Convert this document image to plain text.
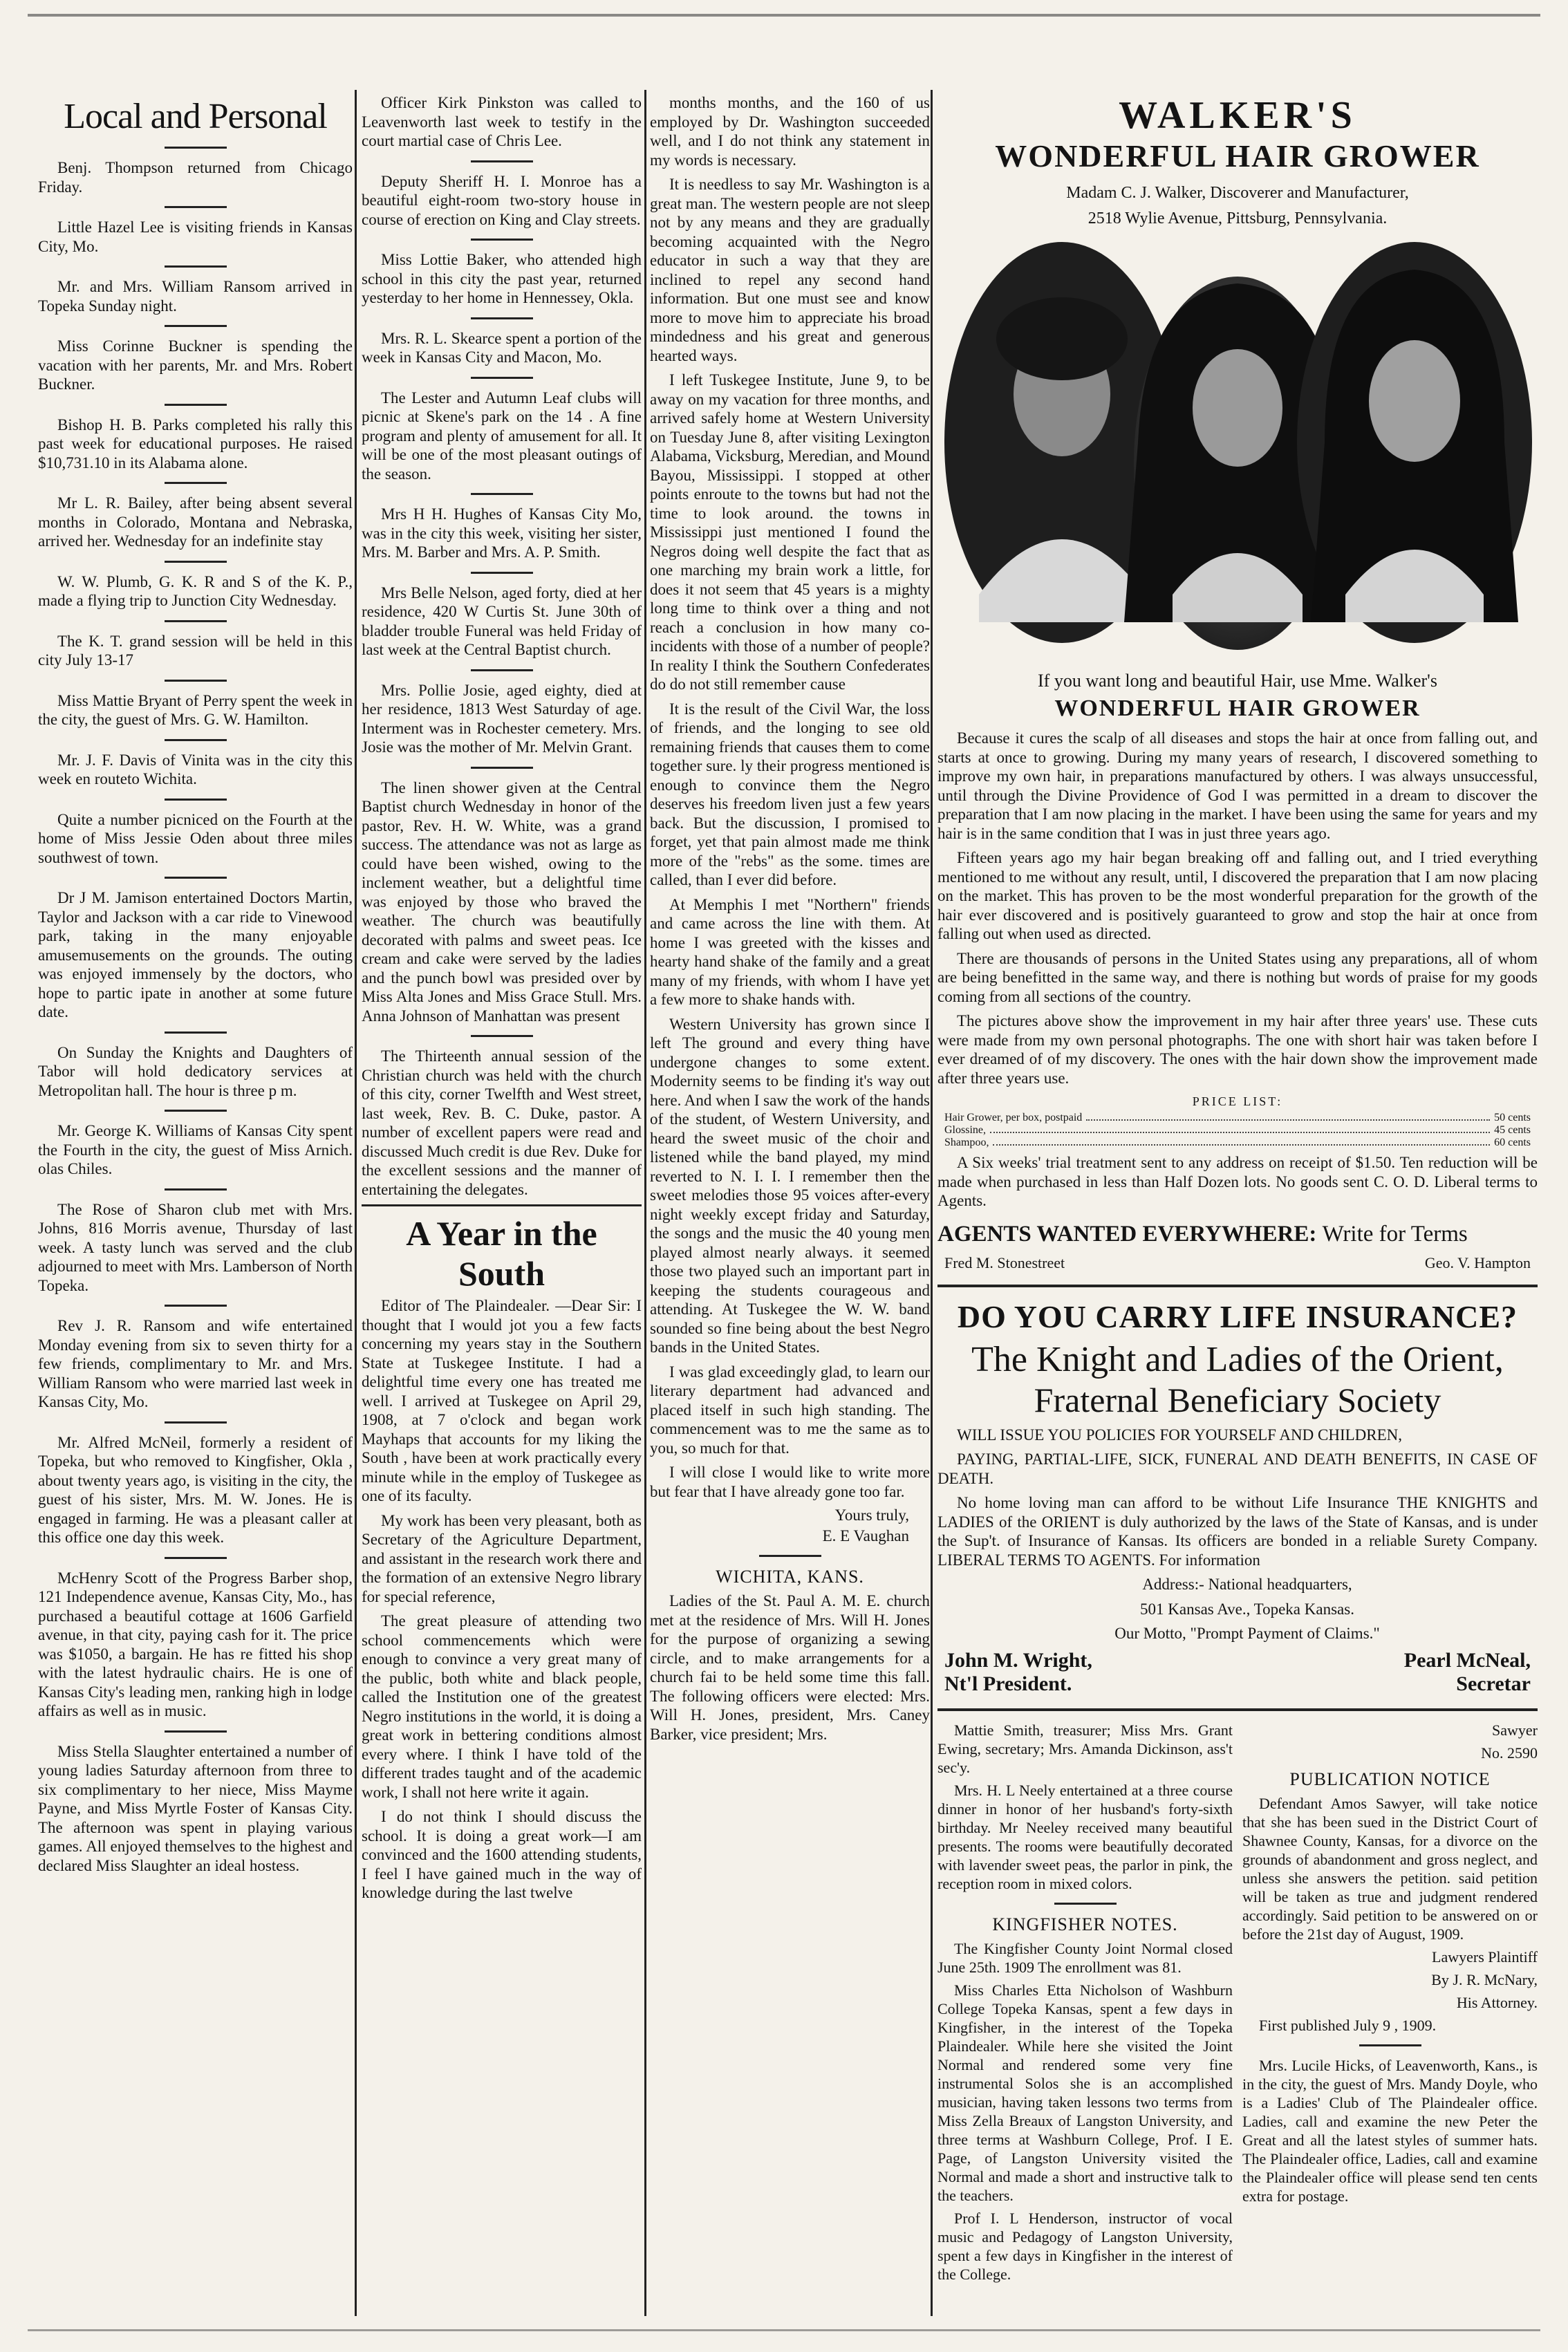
Local and Personal

Benj. Thompson returned from Chicago Friday.

Little Hazel Lee is visiting friends in Kansas City, Mo.

Mr. and Mrs. William Ransom arrived in Topeka Sunday night.

Miss Corinne Buckner is spending the vacation with her parents, Mr. and Mrs. Robert Buckner.

Bishop H. B. Parks completed his rally this past week for educational purposes. He raised $10,731.10 in its Alabama alone.

Mr L. R. Bailey, after being absent several months in Colorado, Montana and Nebraska, arrived her. Wednesday for an indefinite stay

W. W. Plumb, G. K. R and S of the K. P., made a flying trip to Junction City Wednesday.

The K. T. grand session will be held in this city July 13-17

Miss Mattie Bryant of Perry spent the week in the city, the guest of Mrs. G. W. Hamilton.

Mr. J. F. Davis of Vinita was in the city this week en routeto Wichita.

Quite a number picniced on the Fourth at the home of Miss Jessie Oden about three miles southwest of town.

Dr J M. Jamison entertained Doctors Martin, Taylor and Jackson with a car ride to Vinewood park, taking in the many enjoyable amusemusements on the grounds. The outing was enjoyed immensely by the doctors, who hope to partic ipate in another at some future date.

On Sunday the Knights and Daughters of Tabor will hold dedicatory services at Metropolitan hall. The hour is three p m.

Mr. George K. Williams of Kansas City spent the Fourth in the city, the guest of Miss Arnich. olas Chiles.

The Rose of Sharon club met with Mrs. Johns, 816 Morris avenue, Thursday of last week. A tasty lunch was served and the club adjourned to meet with Mrs. Lamberson of North Topeka.

Rev J. R. Ransom and wife entertained Monday evening from six to seven thirty for a few friends, complimentary to Mr. and Mrs. William Ransom who were married last week in Kansas City, Mo.

Mr. Alfred McNeil, formerly a resident of Topeka, but who removed to Kingfisher, Okla , about twenty years ago, is visiting in the city, the guest of his sister, Mrs. M. W. Jones. He is engaged in farming. He was a pleasant caller at this office one day this week.

McHenry Scott of the Progress Barber shop, 121 Independence avenue, Kansas City, Mo., has purchased a beautiful cottage at 1606 Garfield avenue, in that city, paying cash for it. The price was $1050, a bargain. He has re fitted his shop with the latest hydraulic chairs. He is one of Kansas City's leading men, ranking high in lodge affairs as well as in music.

Miss Stella Slaughter entertained a number of young ladies Saturday afternoon from three to six complimentary to her niece, Miss Mayme Payne, and Miss Myrtle Foster of Kansas City. The afternoon was spent in playing various games. All enjoyed themselves to the highest and declared Miss Slaughter an ideal hostess.

Officer Kirk Pinkston was called to Leavenworth last week to testify in the court martial case of Chris Lee.

Deputy Sheriff H. I. Monroe has a beautiful eight-room two-story house in course of erection on King and Clay streets.

Miss Lottie Baker, who attended high school in this city the past year, returned yesterday to her home in Hennessey, Okla.

Mrs. R. L. Skearce spent a portion of the week in Kansas City and Macon, Mo.

The Lester and Autumn Leaf clubs will picnic at Skene's park on the 14 . A fine program and plenty of amusement for all. It will be one of the most pleasant outings of the season.

Mrs H H. Hughes of Kansas City Mo, was in the city this week, visiting her sister, Mrs. M. Barber and Mrs. A. P. Smith.

Mrs Belle Nelson, aged forty, died at her residence, 420 W Curtis St. June 30th of bladder trouble Funeral was held Friday of last week at the Central Baptist church.

Mrs. Pollie Josie, aged eighty, died at her residence, 1813 West Saturday of age. Interment was in Rochester cemetery. Mrs. Josie was the mother of Mr. Melvin Grant.

The linen shower given at the Central Baptist church Wednesday in honor of the pastor, Rev. H. W. White, was a grand success. The attendance was not as large as could have been wished, owing to the inclement weather, but a delightful time was enjoyed by those who braved the weather. The church was beautifully decorated with palms and sweet peas. Ice cream and cake were served by the ladies and the punch bowl was presided over by Miss Alta Jones and Miss Grace Stull. Mrs. Anna Johnson of Manhattan was present

The Thirteenth annual session of the Christian church was held with the church of this city, corner Twelfth and West street, last week, Rev. B. C. Duke, pastor. A number of excellent papers were read and discussed Much credit is due Rev. Duke for the excellent sessions and the manner of entertaining the delegates.

A Year in the South

Editor of The Plaindealer. —Dear Sir: I thought that I would jot you a few facts concerning my years stay in the Southern State at Tuskegee Institute. I had a delightful time every one has treated me well. I arrived at Tuskegee on April 29, 1908, at 7 o'clock and began work Mayhaps that accounts for my liking the South , have been at work practically every minute while in the employ of Tuskegee as one of its faculty.

My work has been very pleasant, both as Secretary of the Agriculture Department, and assistant in the research work there and the formation of an extensive Negro library for special reference,

The great pleasure of attending two school commencements which were enough to convince a very great many of the public, both white and black people, called the Institution one of the greatest Negro institutions in the world, it is doing a great work in bettering conditions almost every where. I think I have told of the different trades taught and of the academic work, I shall not here write it again.

I do not think I should discuss the school. It is doing a great work—I am convinced and the 1600 attending students, I feel I have gained much in the way of knowledge during the last twelve

months months, and the 160 of us employed by Dr. Washington succeeded well, and I do not think any statement in my words is necessary.

It is needless to say Mr. Washington is a great man. The western people are not sleep not by any means and they are gradually becoming acquainted with the Negro educator in such a way that they are inclined to repel any second hand information. But one must see and know more to move him to appreciate his broad mindedness and his great and generous hearted ways.

I left Tuskegee Institute, June 9, to be away on my vacation for three months, and arrived safely home at Western University on Tuesday June 8, after visiting Lexington Alabama, Vicksburg, Meredian, and Mound Bayou, Mississippi. I stopped at other points enroute to the towns but had not the time to look around. the towns in Mississippi just mentioned I found the Negros doing well despite the fact that as one marching my brain work a little, for does it not seem that 45 years is a mighty long time to think over a thing and not reach a conclusion in how many co-incidents with those of a number of people? In reality I think the Southern Confederates do do not still remember cause

It is the result of the Civil War, the loss of friends, and the longing to see old remaining friends that causes them to come together sure. ly their progress mentioned is enough to convince them the Negro deserves his freedom liven just a few years back. But the discussion, I promised to forget, yet that pain almost made me think more of the "rebs" as the some. times are called, than I ever did before.

At Memphis I met "Northern" friends and came across the line with them. At home I was greeted with the kisses and hearty hand shake of the family and a great many of my friends, with whom I have yet a few more to shake hands with.

Western University has grown since I left The ground and every thing have undergone changes to some extent. Modernity seems to be finding it's way out here. And when I saw the work of the hands of the student, of Western University, and heard the sweet music of the choir and listened while the band played, my mind reverted to N. I. I. I remember then the sweet melodies those 95 voices after-every night weekly except friday and Saturday, the songs and the music the 40 young men played almost nearly always. it seemed those two played such an important part in keeping the students courageous and attending. At Tuskegee the W. W. band sounded so fine being about the best Negro bands in the United States.

I was glad exceedingly glad, to learn our literary department had advanced and placed itself in such high standing. The commencement was to me the same as to you, so much for that.

I will close I would like to write more but fear that I have already gone too far.

Yours truly,
E. E Vaughan
WICHITA, KANS.

Ladies of the St. Paul A. M. E. church met at the residence of Mrs. Will H. Jones for the purpose of organizing a sewing circle, and to make arrangements for a church fai to be held some time this fall. The following officers were elected: Mrs. Will H. Jones, president, Mrs. Caney Barker, vice president; Mrs.

WALKER'S
WONDERFUL HAIR GROWER
Madam C. J. Walker, Discoverer and Manufacturer,
2518 Wylie Avenue, Pittsburg, Pennsylvania.
If you want long and beautiful Hair, use Mme. Walker's
WONDERFUL HAIR GROWER

Because it cures the scalp of all diseases and stops the hair at once from falling out, and starts at once to growing. During my many years of research, I discovered something to improve my own hair, in preparations manufactured by others. I was always unsuccessful, until through the Divine Providence of God I was permitted in a dream to discover the preparation that I am now placing in the market. I have been using the same for years and my hair is in the same condition that I was in just three years ago.

Fifteen years ago my hair began breaking off and falling out, and I tried everything mentioned to me without any result, until, I discovered the preparation that I am now placing on the market. This has proven to be the most wonderful preparation for the growth of the hair ever discovered and is positively guaranteed to grow and stop the hair at once from falling out when used as directed.

There are thousands of persons in the United States using any preparations, all of whom are being benefitted in the same way, and there is nothing but words of praise for my goods coming from all sections of the country.

The pictures above show the improvement in my hair after three years' use. These cuts were made from my own personal photographs. The one with short hair was taken before I ever dreamed of of my discovery. The ones with the hair down show the improvement made after three years use.

PRICE LIST:
Hair Grower, per box, postpaid	50 cents
Glossine,	45 cents
Shampoo,	60 cents

A Six weeks' trial treatment sent to any address on receipt of $1.50. Ten reduction will be made when purchased in less than Half Dozen lots. No goods sent C. O. D. Liberal terms to Agents.

AGENTS WANTED EVERYWHERE: Write for Terms
Fred M. Stonestreet	Geo. V. Hampton
DO YOU CARRY LIFE INSURANCE?
The Knight and Ladies of the Orient,
Fraternal Beneficiary Society

WILL ISSUE YOU POLICIES FOR YOURSELF AND CHILDREN,

PAYING, PARTIAL-LIFE, SICK, FUNERAL AND DEATH BENEFITS, IN CASE OF DEATH.

No home loving man can afford to be without Life Insurance THE KNIGHTS and LADIES of the ORIENT is duly authorized by the laws of the State of Kansas, and is under the Sup't. of Insurance of Kansas. Its officers are bonded in a reliable Surety Company. LIBERAL TERMS TO AGENTS. For information

Address:- National headquarters,

501 Kansas Ave., Topeka Kansas.

Our Motto, "Prompt Payment of Claims."

John M. Wright,	Pearl McNeal,
Nt'l President.	Secretar

Mattie Smith, treasurer; Miss Mrs. Grant Ewing, secretary; Mrs. Amanda Dickinson, ass't sec'y.

Mrs. H. L Neely entertained at a three course dinner in honor of her husband's forty-sixth birthday. Mr Neeley received many beautiful presents. The rooms were beautifully decorated with lavender sweet peas, the parlor in pink, the reception room in mixed colors.

KINGFISHER NOTES.

The Kingfisher County Joint Normal closed June 25th. 1909 The enrollment was 81.

Miss Charles Etta Nicholson of Washburn College Topeka Kansas, spent a few days in Kingfisher, in the interest of the Topeka Plaindealer. While here she visited the Joint Normal and rendered some very fine instrumental Solos she is an accomplished musician, having taken lessons two terms from Miss Zella Breaux of Langston University, and three terms at Washburn College, Prof. I E. Page, of Langston University visited the Normal and made a short and instructive talk to the teachers.

Prof I. L Henderson, instructor of vocal music and Pedagogy of Langston University, spent a few days in Kingfisher in the interest of the College.

Sawyer

No. 2590

PUBLICATION NOTICE

Defendant Amos Sawyer, will take notice that she has been sued in the District Court of Shawnee County, Kansas, for a divorce on the grounds of abandonment and gross neglect, and unless she answers the petition. said petition will be taken as true and judgment rendered accordingly. Said petition to be answered on or before the 21st day of August, 1909.

Lawyers Plaintiff

By J. R. McNary,

His Attorney.

First published July 9 , 1909.

Mrs. Lucile Hicks, of Leavenworth, Kans., is in the city, the guest of Mrs. Mandy Doyle, who is a Ladies' Club of The Plaindealer office. Ladies, call and examine the new Peter the Great and all the latest styles of summer hats. The Plaindealer office, Ladies, call and examine the Plaindealer office will please send ten cents extra for postage.
